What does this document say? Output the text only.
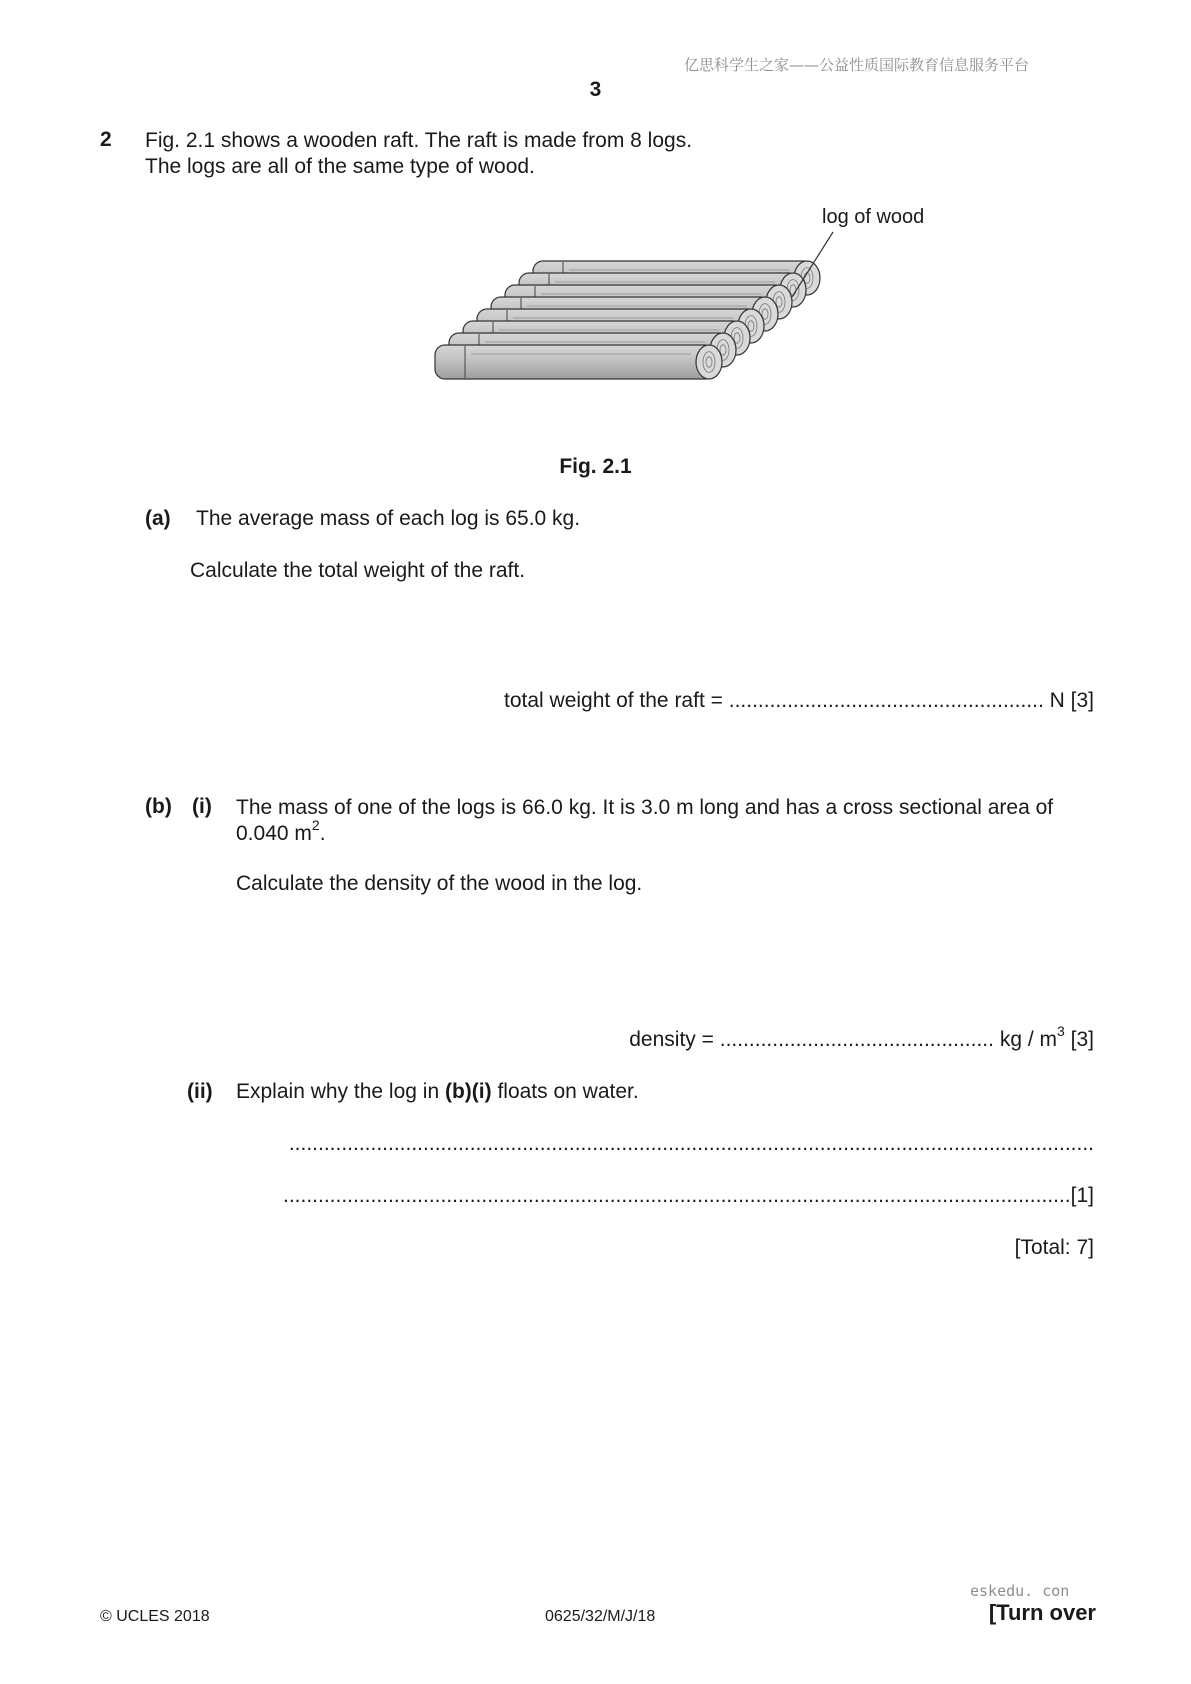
亿思科学生之家——公益性质国际教育信息服务平台
3
2 Fig. 2.1 shows a wooden raft. The raft is made from 8 logs.
The logs are all of the same type of wood.
log of wood
Fig. 2.1
(a) The average mass of each log is 65.0 kg.
Calculate the total weight of the raft.
total weight of the raft = ...................................................... N [3]
(b) (i) The mass of one of the logs is 66.0 kg. It is 3.0 m long and has a cross sectional area of
0.040 $m^2$.
Calculate the density of the wood in the log.
density = ............................................... kg / $m^3$ [3]
(ii) Explain why the log in (b)(i) floats on water.
..........................................................................................................................................
.......................................................................................................................................[1]
[Total: 7]
eskedu. con
© UCLES 2018	0625/32/M/J/18	[Turn over
